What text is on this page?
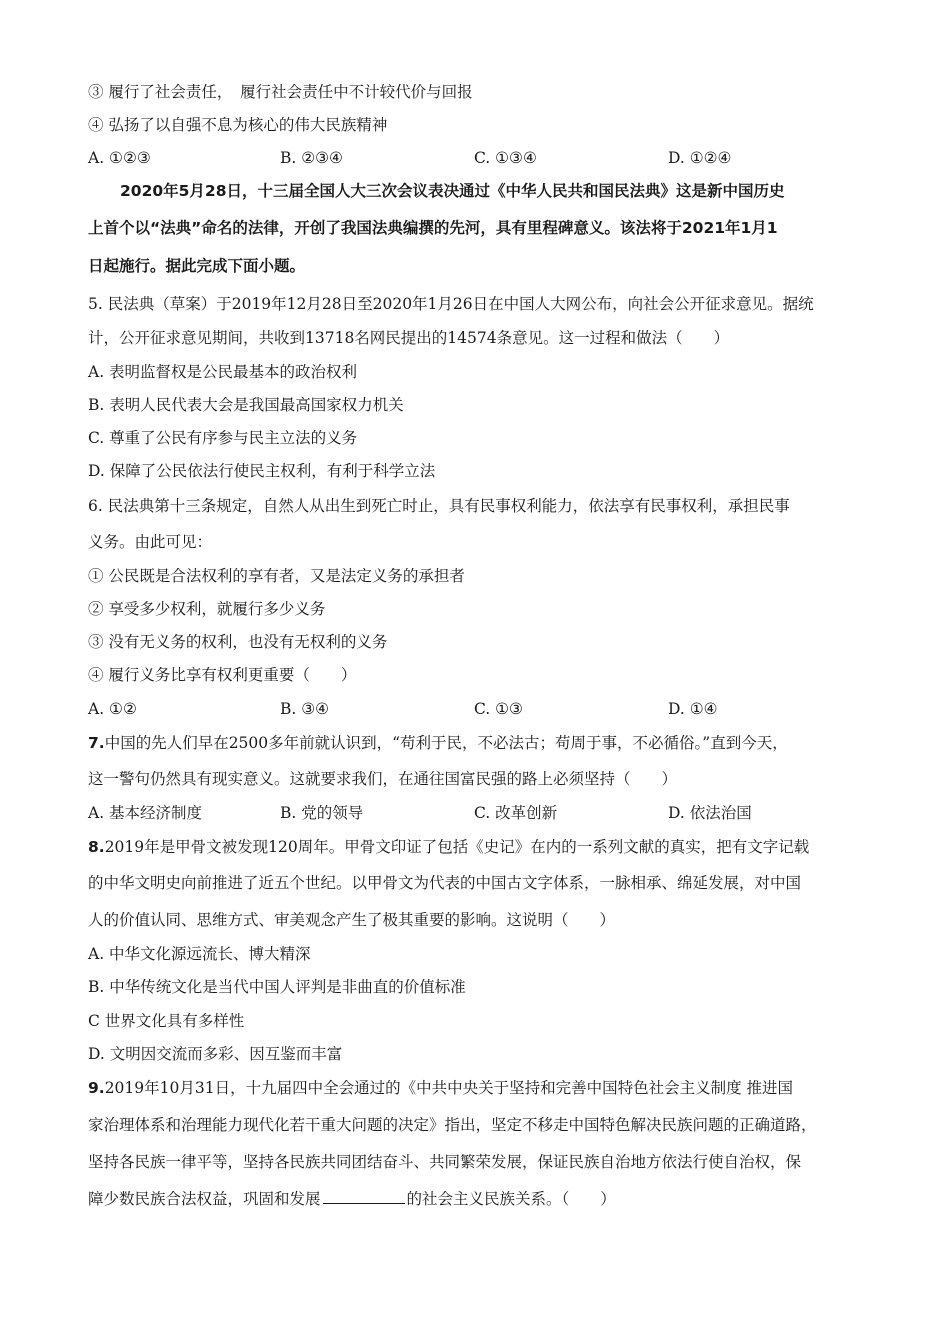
③ 履行了社会责任，　履行社会责任中不计较代价与回报
④ 弘扬了以自强不息为核心的伟大民族精神
A. ①②③	B. ②③④	C. ①③④	D. ①②④
2020年5月28日，十三届全国人大三次会议表决通过《中华人民共和国民法典》这是新中国历史
上首个以“法典”命名的法律，开创了我国法典编撰的先河，具有里程碑意义。该法将于2021年1月1
日起施行。据此完成下面小题。
5. 民法典（草案）于2019年12月28日至2020年1月26日在中国人大网公布，向社会公开征求意见。据统
计，公开征求意见期间，共收到13718名网民提出的14574条意见。这一过程和做法（　　）
A. 表明监督权是公民最基本的政治权利
B. 表明人民代表大会是我国最高国家权力机关
C. 尊重了公民有序参与民主立法的义务
D. 保障了公民依法行使民主权利，有利于科学立法
6. 民法典第十三条规定，自然人从出生到死亡时止，具有民事权利能力，依法享有民事权利，承担民事
义务。由此可见：
① 公民既是合法权利的享有者，又是法定义务的承担者
② 享受多少权利，就履行多少义务
③ 没有无义务的权利，也没有无权利的义务
④ 履行义务比享有权利更重要（　　）
A. ①②	B. ③④	C. ①③	D. ①④
7.中国的先人们早在2500多年前就认识到，“苟利于民，不必法古；苟周于事，不必循俗。”直到今天，
这一警句仍然具有现实意义。这就要求我们，在通往国富民强的路上必须坚持（　　）
A. 基本经济制度	B. 党的领导	C. 改革创新	D. 依法治国
8.2019年是甲骨文被发现120周年。甲骨文印证了包括《史记》在内的一系列文献的真实，把有文字记载
的中华文明史向前推进了近五个世纪。以甲骨文为代表的中国古文字体系，一脉相承、绵延发展，对中国
人的价值认同、思维方式、审美观念产生了极其重要的影响。这说明（　　）
A. 中华文化源远流长、博大精深
B. 中华传统文化是当代中国人评判是非曲直的价值标准
C 世界文化具有多样性
D. 文明因交流而多彩、因互鉴而丰富
9.2019年10月31日，十九届四中全会通过的《中共中央关于坚持和完善中国特色社会主义制度 推进国
家治理体系和治理能力现代化若干重大问题的决定》指出，坚定不移走中国特色解决民族问题的正确道路，
坚持各民族一律平等，坚持各民族共同团结奋斗、共同繁荣发展，保证民族自治地方依法行使自治权，保
障少数民族合法权益，巩固和发展	的社会主义民族关系。（　　）
